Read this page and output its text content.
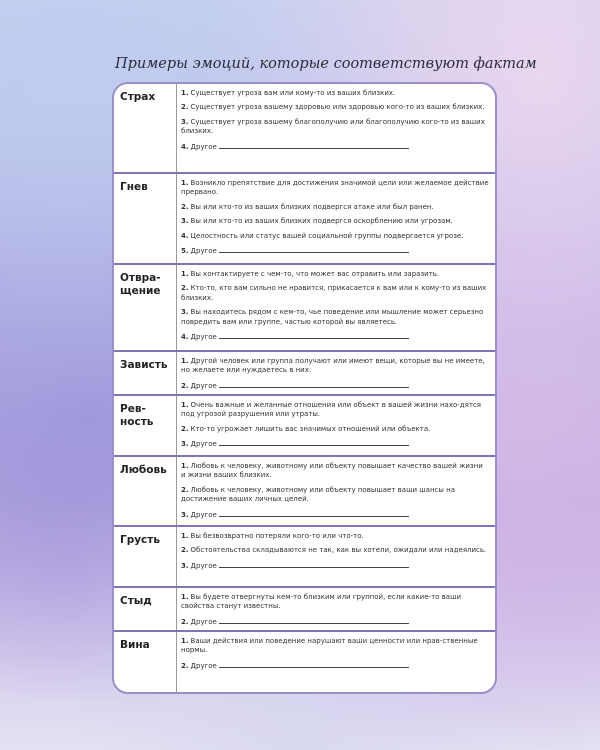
Примеры эмоций, которые соответствуют фактам
Страх	1. Существует угроза вам или кому-то из ваших близких.
2. Существует угроза вашему здоровью или здоровью кого-то из ваших близких.
3. Существует угроза вашему благополучию или благополучию кого-то из ваших близких.
4. Другое
Гнев	1. Возникло препятствие для достижения значимой цели или желаемое действие прервано.
2. Вы или кто-то из ваших близких подвергся атаке или был ранен.
3. Вы или кто-то из ваших близких подвергся оскорблению или угрозам.
4. Целостность или статус вашей социальной группы подвергается угрозе.
5. Другое
Отвра-
щение
1. Вы контактируете с чем-то, что может вас отравить или заразить.
2. Кто-то, кто вам сильно не нравится, прикасается к вам или к кому-то из ваших близких.
3. Вы находитесь рядом с кем-то, чье поведение или мышление может серьезно повредить вам или группе, частью которой вы являетесь.
4. Другое
Зависть	1. Другой человек или группа получают или имеют вещи, которые вы не имеете, но желаете или нуждаетесь в них.
2. Другое
Рев-
ность
1. Очень важные и желанные отношения или объект в вашей жизни нахо-дятся под угрозой разрушения или утраты.
2. Кто-то угрожает лишить вас значимых отношений или объекта.
3. Другое
Любовь	1. Любовь к человеку, животному или объекту повышает качество вашей жизни и жизни ваших близких.
2. Любовь к человеку, животному или объекту повышает ваши шансы на достижение ваших личных целей.
3. Другое
Грусть	1. Вы безвозвратно потеряли кого-то или что-то.
2. Обстоятельства складываются не так, как вы хотели, ожидали или надеялись.
3. Другое
Стыд	1. Вы будете отвергнуты кем-то близким или группой, если какие-то ваши свойства станут известны.
2. Другое
Вина	1. Ваши действия или поведение нарушают ваши ценности или нрав-ственные нормы.
2. Другое
